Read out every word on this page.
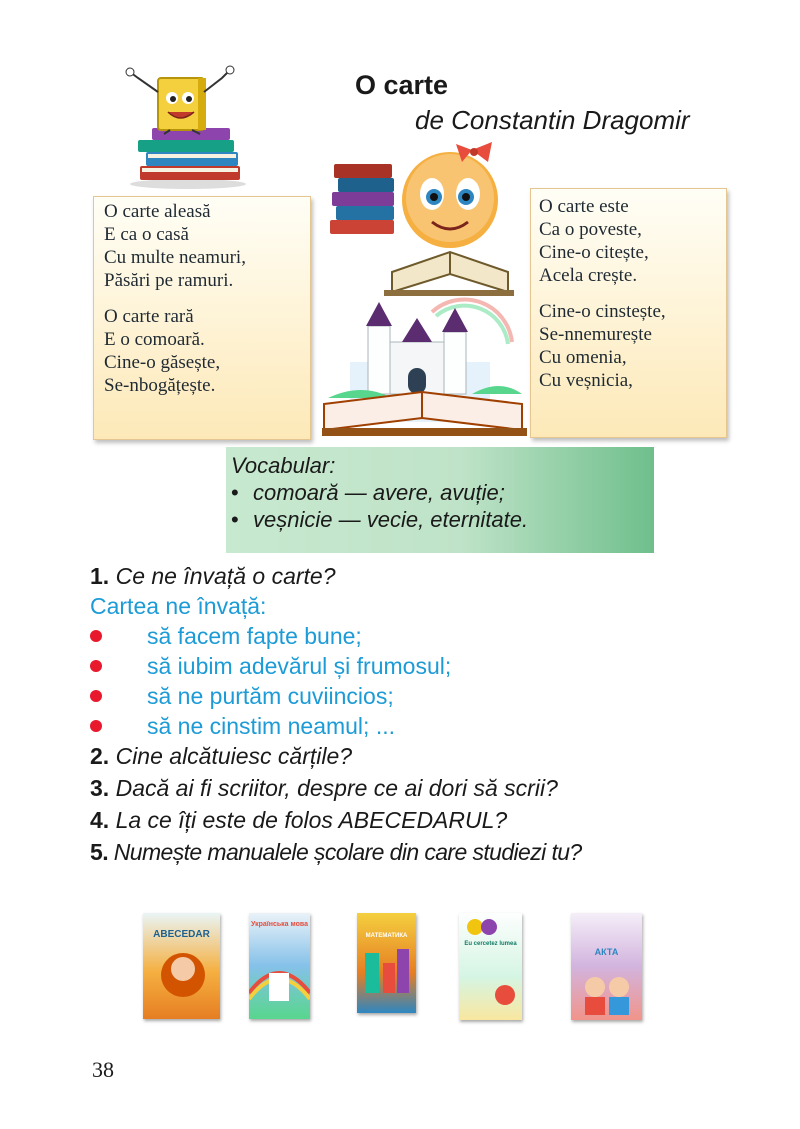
O carte
de Constantin Dragomir
O carte aleasă
E ca o casă
Cu multe neamuri,
Păsări pe ramuri.
O carte rară
E o comoară.
Cine-o găsește,
Se-nbogățește.
O carte este
Ca o poveste,
Cine-o citește,
Acela crește.
Cine-o cinstește,
Se-nnemurește
Cu omenia,
Cu veșnicia,
Vocabular:
• comoară — avere, avuție;
• veșnicie — vecie, eternitate.
1. Ce ne învață o carte?
Cartea ne învață:
să facem fapte bune;
să iubim adevărul și frumosul;
să ne purtăm cuviincios;
să ne cinstim neamul; ...
2. Cine alcătuiesc cărțile?
3. Dacă ai fi scriitor, despre ce ai dori să scrii?
4. La ce îți este de folos ABECEDARUL?
5. Numește manualele școlare din care studiezi tu?
ABECEDAR
Українська мова
МАТЕМАТИКА
Eu cercetez lumea
АКТА
38
